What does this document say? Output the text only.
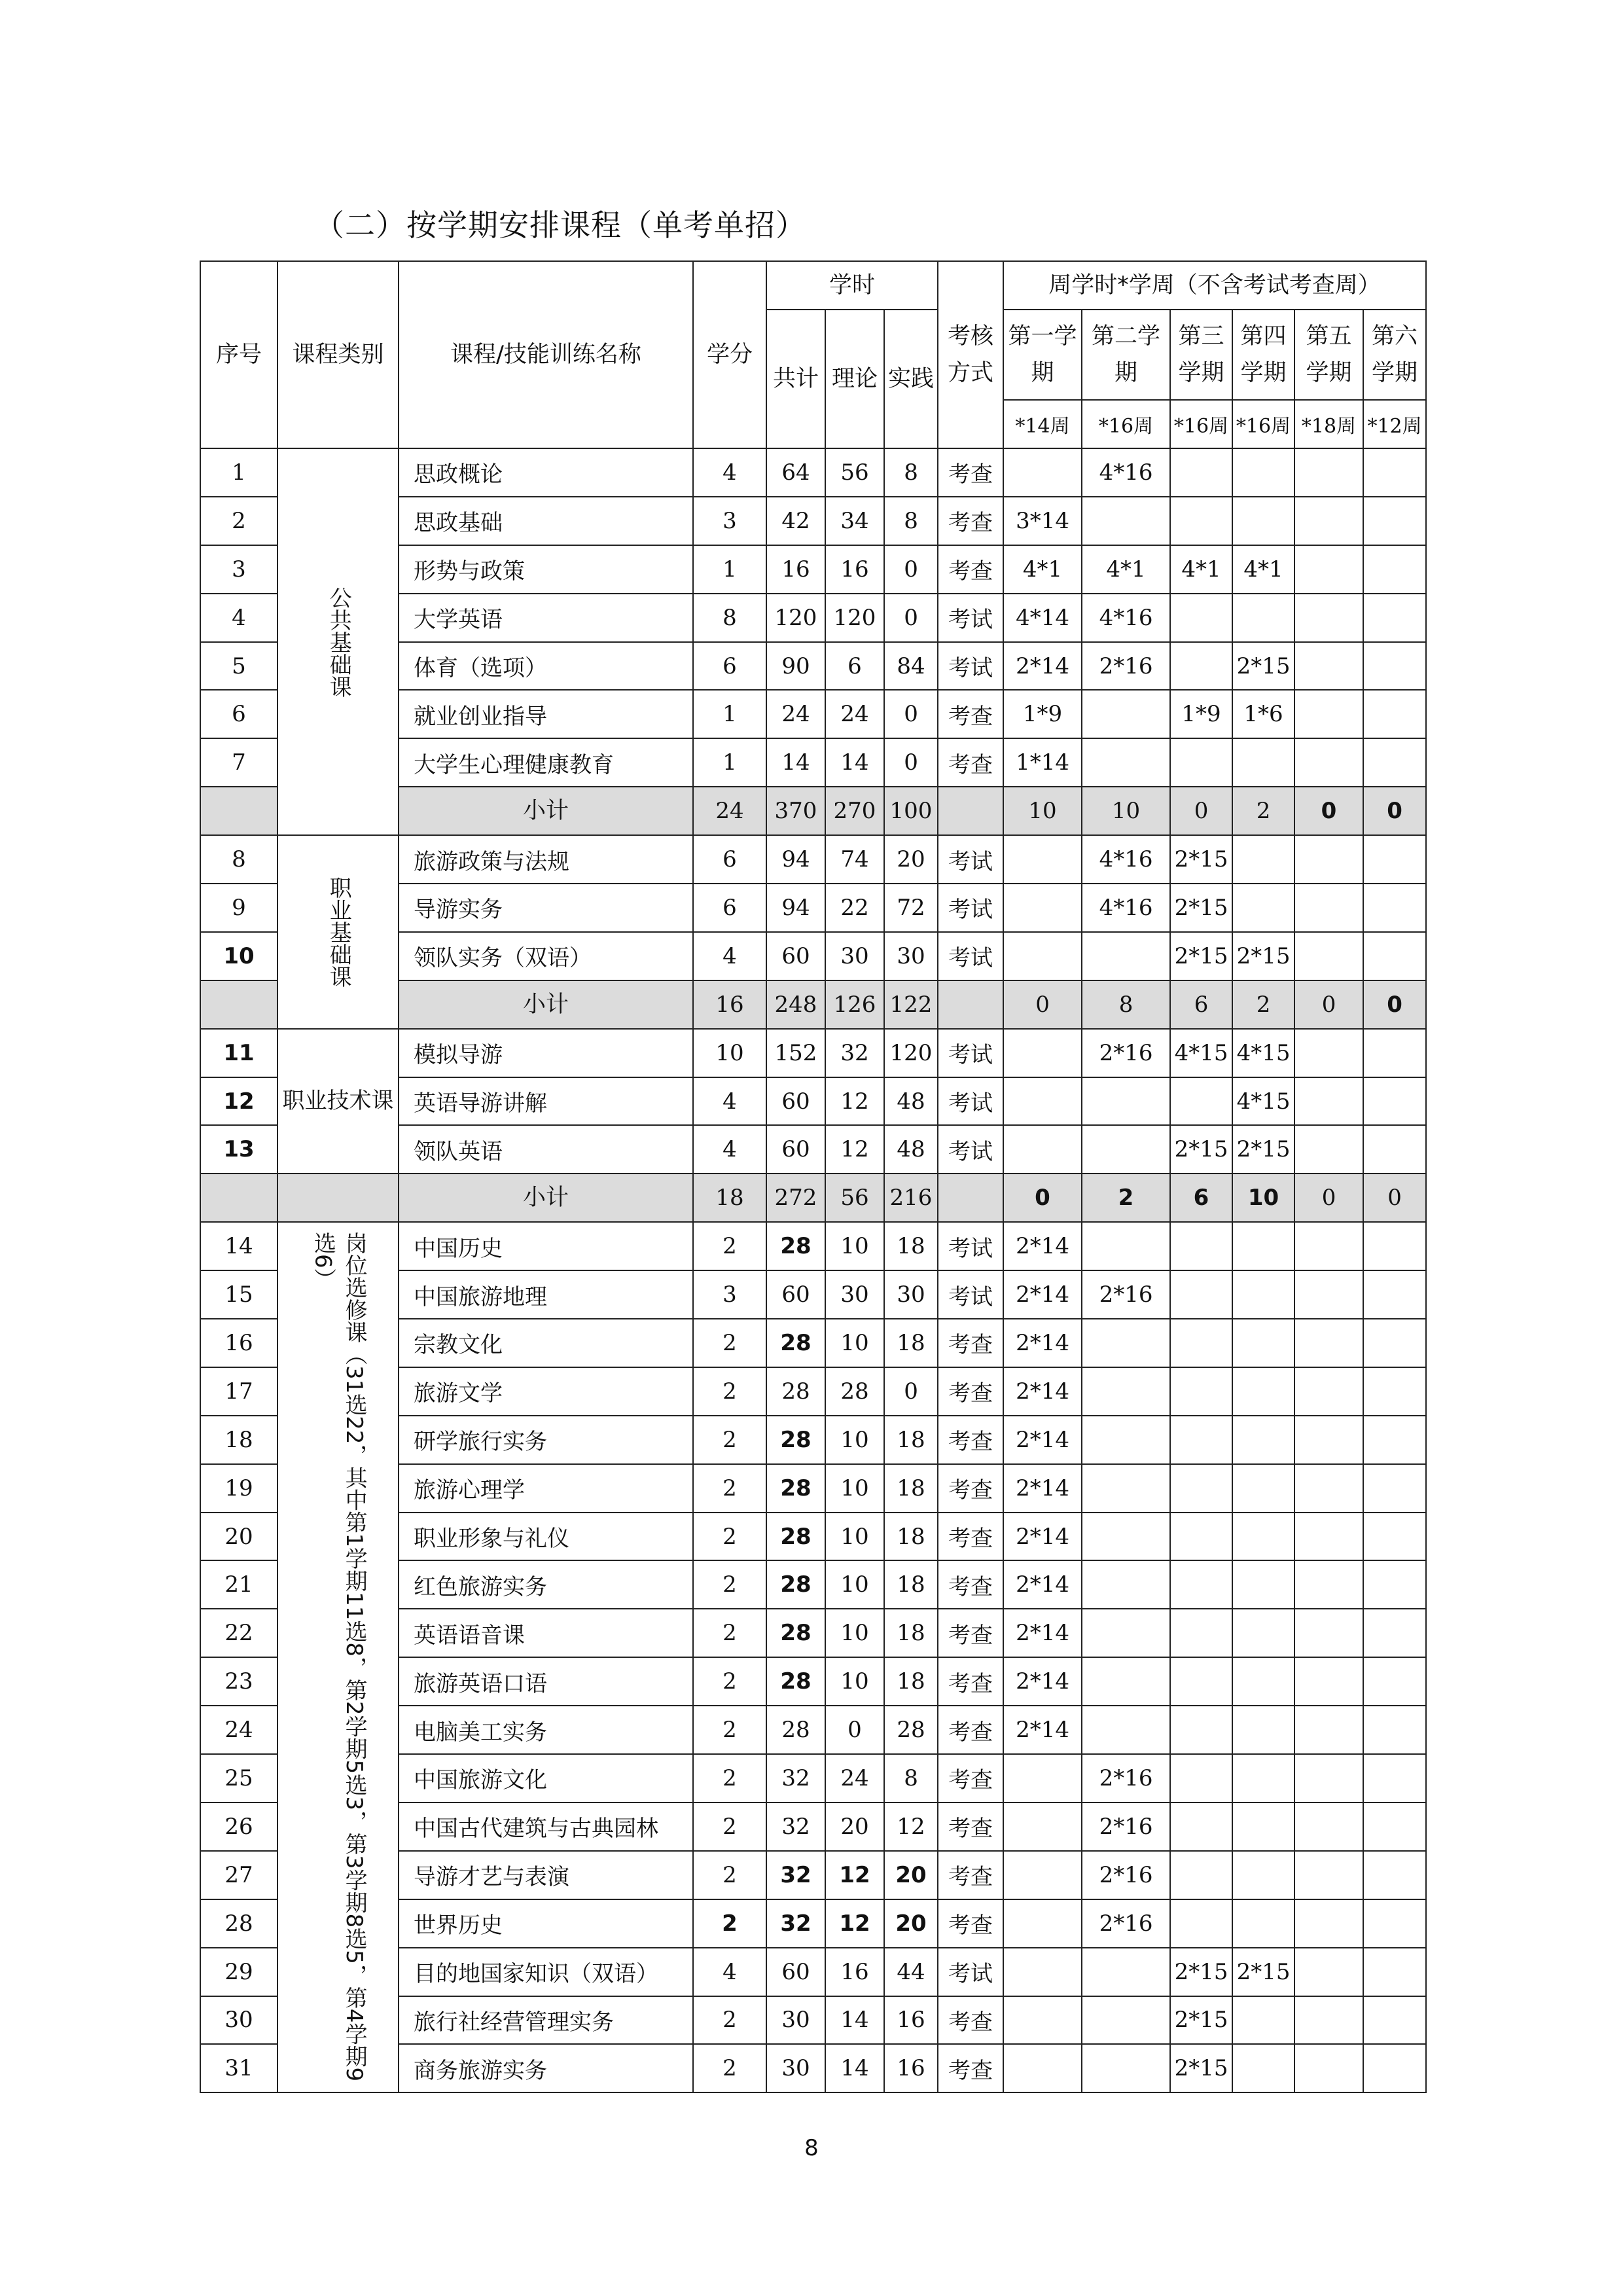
（二）按学期安排课程（单考单招）
序号	课程类别	课程/技能训练名称	学分	学时			考核方式	周学时*学周（不含考试考查周）					
				共计	理论	实践		第一学期	第二学期	第三学期	第四学期	第五学期	第六学期
								*14周	*16周	*16周	*16周	*18周	*12周
1	公共基础课	思政概论	4	64	56	8	考查		4*16				
2		思政基础	3	42	34	8	考查	3*14					
3		形势与政策	1	16	16	0	考查	4*1	4*1	4*1	4*1		
4		大学英语	8	120	120	0	考试	4*14	4*16				
5		体育（选项）	6	90	6	84	考试	2*14	2*16		2*15		
6		就业创业指导	1	24	24	0	考查	1*9		1*9	1*6		
7		大学生心理健康教育	1	14	14	0	考查	1*14					
		小计	24	370	270	100		10	10	0	2	0	0
8	职业基础课	旅游政策与法规	6	94	74	20	考试		4*16	2*15			
9		导游实务	6	94	22	72	考试		4*16	2*15			
10		领队实务（双语）	4	60	30	30	考试			2*15	2*15		
		小计	16	248	126	122		0	8	6	2	0	0
11	职业技术课	模拟导游	10	152	32	120	考试		2*16	4*15	4*15		
12		英语导游讲解	4	60	12	48	考试				4*15		
13		领队英语	4	60	12	48	考试			2*15	2*15		
		小计	18	272	56	216		0	2	6	10	0	0
14	岗位选修课（31选22，其中第1学期11选8，第2学期5选3，第3学期8选5，第4学期9选6）	中国历史	2	28	10	18	考试	2*14					
15		中国旅游地理	3	60	30	30	考试	2*14	2*16				
16		宗教文化	2	28	10	18	考查	2*14					
17		旅游文学	2	28	28	0	考查	2*14					
18		研学旅行实务	2	28	10	18	考查	2*14					
19		旅游心理学	2	28	10	18	考查	2*14					
20		职业形象与礼仪	2	28	10	18	考查	2*14					
21		红色旅游实务	2	28	10	18	考查	2*14					
22		英语语音课	2	28	10	18	考查	2*14					
23		旅游英语口语	2	28	10	18	考查	2*14					
24		电脑美工实务	2	28	0	28	考查	2*14					
25		中国旅游文化	2	32	24	8	考查		2*16				
26		中国古代建筑与古典园林	2	32	20	12	考查		2*16				
27		导游才艺与表演	2	32	12	20	考查		2*16				
28		世界历史	2	32	12	20	考查		2*16				
29		目的地国家知识（双语）	4	60	16	44	考试			2*15	2*15		
30		旅行社经营管理实务	2	30	14	16	考查			2*15			
31		商务旅游实务	2	30	14	16	考查			2*15			
8
